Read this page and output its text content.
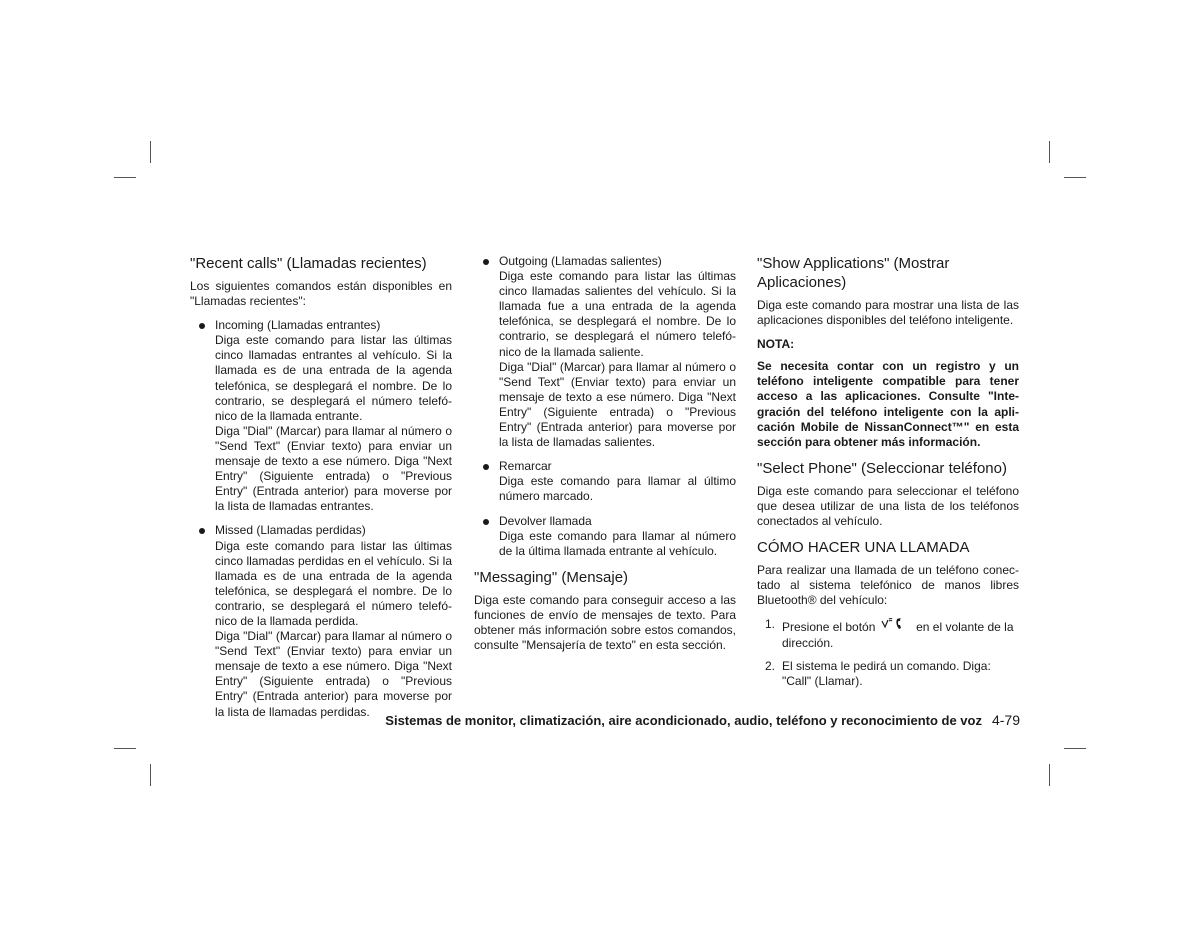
"Recent calls" (Llamadas recientes)

Los siguientes comandos están disponibles en "Llamadas recientes":

Incoming (Llamadas entrantes)
Diga este comando para listar las últimas cinco llamadas entrantes al vehículo. Si la llamada es de una entrada de la agenda telefónica, se desplegará el nombre. De lo contrario, se desplegará el número telefó-nico de la llamada entrante.
Diga "Dial" (Marcar) para llamar al número o "Send Text" (Enviar texto) para enviar un mensaje de texto a ese número. Diga "Next Entry" (Siguiente entrada) o "Previous Entry" (Entrada anterior) para moverse por la lista de llamadas entrantes.
Missed (Llamadas perdidas)
Diga este comando para listar las últimas cinco llamadas perdidas en el vehículo. Si la llamada es de una entrada de la agenda telefónica, se desplegará el nombre. De lo contrario, se desplegará el número telefó-nico de la llamada perdida.
Diga "Dial" (Marcar) para llamar al número o "Send Text" (Enviar texto) para enviar un mensaje de texto a ese número. Diga "Next Entry" (Siguiente entrada) o "Previous Entry" (Entrada anterior) para moverse por la lista de llamadas perdidas.
Outgoing (Llamadas salientes)
Diga este comando para listar las últimas cinco llamadas salientes del vehículo. Si la llamada fue a una entrada de la agenda telefónica, se desplegará el nombre. De lo contrario, se desplegará el número telefó-nico de la llamada saliente.
Diga "Dial" (Marcar) para llamar al número o "Send Text" (Enviar texto) para enviar un mensaje de texto a ese número. Diga "Next Entry" (Siguiente entrada) o "Previous Entry" (Entrada anterior) para moverse por la lista de llamadas salientes.
Remarcar
Diga este comando para llamar al último número marcado.
Devolver llamada
Diga este comando para llamar al número de la última llamada entrante al vehículo.
"Messaging" (Mensaje)

Diga este comando para conseguir acceso a las funciones de envío de mensajes de texto. Para obtener más información sobre estos comandos, consulte "Mensajería de texto" en esta sección.

"Show Applications" (Mostrar Aplicaciones)

Diga este comando para mostrar una lista de las aplicaciones disponibles del teléfono inteligente.

NOTA:
Se necesita contar con un registro y un teléfono inteligente compatible para tener acceso a las aplicaciones. Consulte "Inte-gración del teléfono inteligente con la apli-cación Mobile de NissanConnect™" en esta sección para obtener más información.
"Select Phone" (Seleccionar teléfono)

Diga este comando para seleccionar el teléfono que desea utilizar de una lista de los teléfonos conectados al vehículo.

CÓMO HACER UNA LLAMADA

Para realizar una llamada de un teléfono conec-tado al sistema telefónico de manos libres Bluetooth® del vehículo:

1. Presione el botón	en el volante de la dirección.
2. El sistema le pedirá un comando. Diga: "Call" (Llamar).
Sistemas de monitor, climatización, aire acondicionado, audio, teléfono y reconocimiento de voz 4-79
